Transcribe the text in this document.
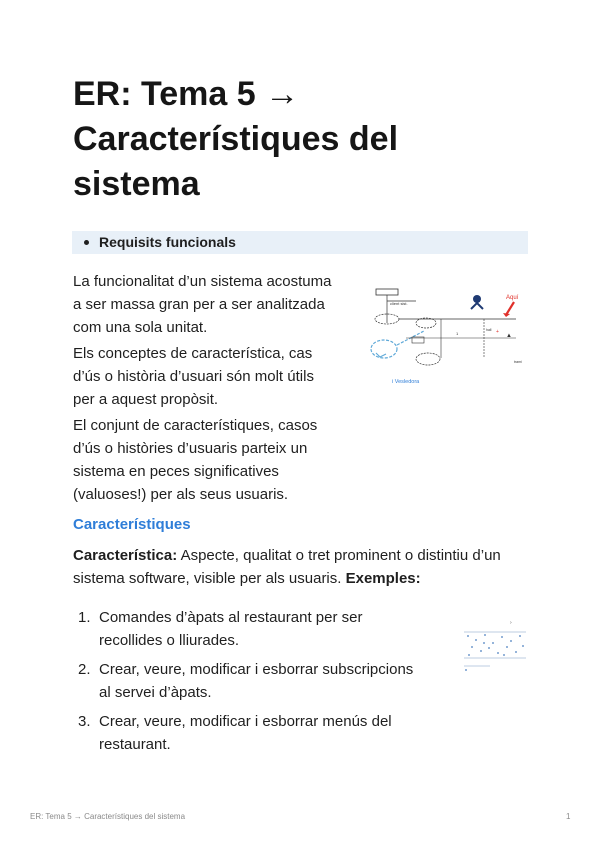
ER: Tema 5 →
Característiques del
sistema
Requisits funcionals

La funcionalitat d’un sistema acostuma
a ser massa gran per a ser analitzada
com una sola unitat.

Els conceptes de característica, cas
d’ús o història d’usuari són molt útils
per a aquest propòsit.

El conjunt de característiques, casos
d’ús o històries d’usuaris parteix un
sistema en peces significatives
(valuoses!) per als seus usuaris.

client sist.
1
hall
▲
trami
Aquí
+
i Vesledora
Característiques
Característica: Aspecte, qualitat o tret prominent o distintiu d’un
sistema software, visible per als usuaris. Exemples:
1. Comandes d’àpats al restaurant per ser
recollides o lliurades.
2. Crear, veure, modificar i esborrar subscripcions
al servei d’àpats.
3. Crear, veure, modificar i esborrar menús del
restaurant.
›
ER: Tema 5 → Característiques del sistema	1
